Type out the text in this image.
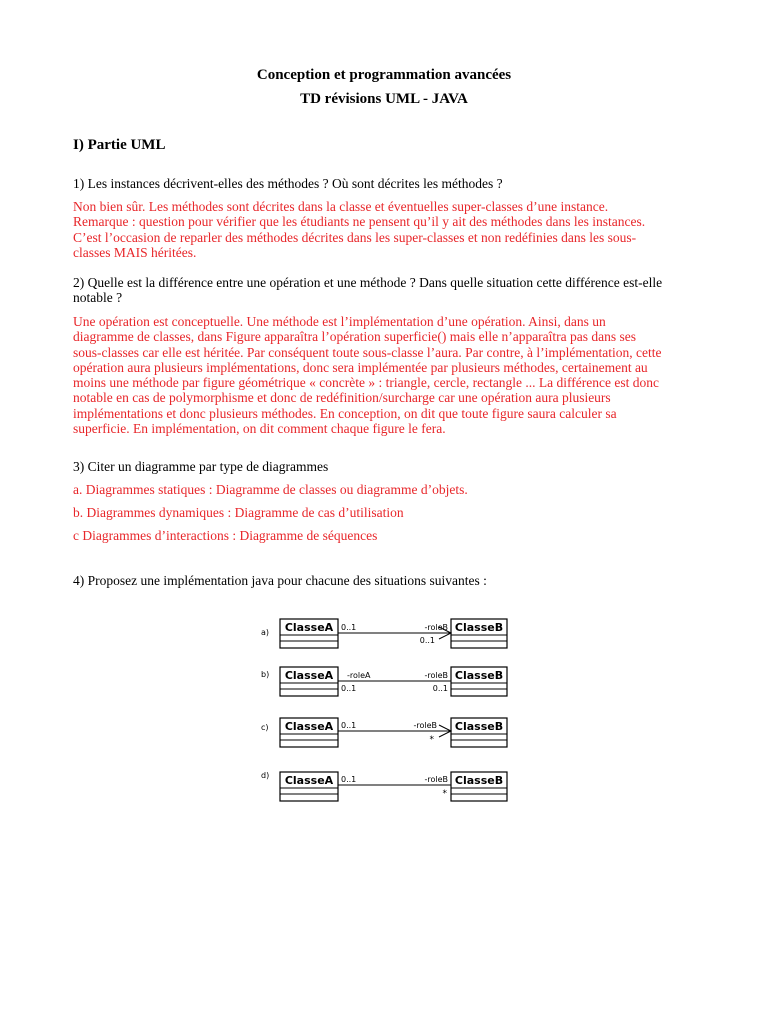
Conception et programmation avancées
TD révisions UML - JAVA
I) Partie UML
1) Les instances décrivent-elles des méthodes ? Où sont décrites les méthodes ?
Non bien sûr. Les méthodes sont décrites dans la classe et éventuelles super-classes d’une instance.
Remarque : question pour vérifier que les étudiants ne pensent qu’il y ait des méthodes dans les instances.
C’est l’occasion de reparler des méthodes décrites dans les super-classes et non redéfinies dans les sous-
classes MAIS héritées.
2) Quelle est la différence entre une opération et une méthode ? Dans quelle situation cette différence est-elle
notable ?
Une opération est conceptuelle. Une méthode est l’implémentation d’une opération. Ainsi, dans un
diagramme de classes, dans Figure apparaîtra l’opération superficie() mais elle n’apparaîtra pas dans ses
sous-classes car elle est héritée. Par conséquent toute sous-classe l’aura. Par contre, à l’implémentation, cette
opération aura plusieurs implémentations, donc sera implémentée par plusieurs méthodes, certainement au
moins une méthode par figure géométrique « concrète » : triangle, cercle, rectangle ... La différence est donc
notable en cas de polymorphisme et donc de redéfinition/surcharge car une opération aura plusieurs
implémentations et donc plusieurs méthodes. En conception, on dit que toute figure saura calculer sa
superficie. En implémentation, on dit comment chaque figure le fera.
3) Citer un diagramme par type de diagrammes
a. Diagrammes statiques : Diagramme de classes ou diagramme d’objets.
b. Diagrammes dynamiques : Diagramme de cas d’utilisation
c Diagrammes d’interactions : Diagramme de séquences
4) Proposez une implémentation java pour chacune des situations suivantes :
a) ClasseA	ClasseB
0..1	-roleB
0..1
b) ClasseA	ClasseB
-roleA
0..1
-roleB
0..1
c) ClasseA	ClasseB
0..1	-roleB
*
d) ClasseA	ClasseB
0..1	-roleB
*
